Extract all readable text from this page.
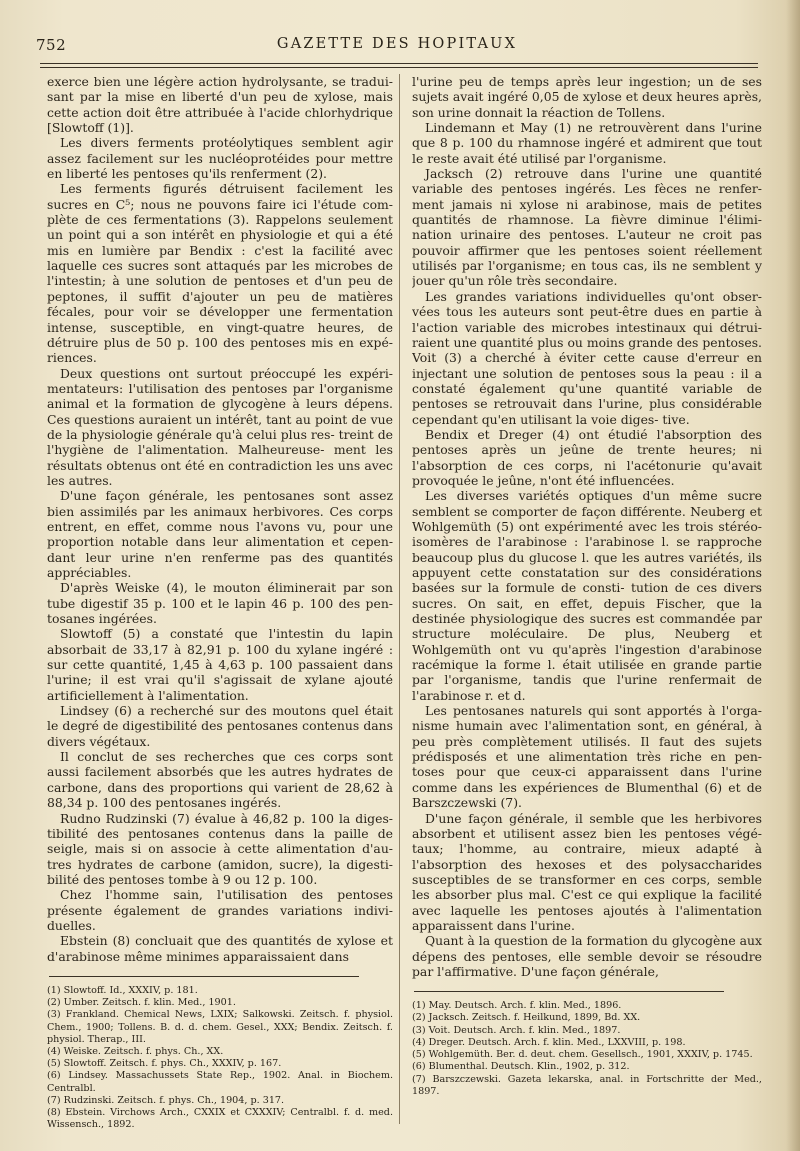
752	GAZETTE DES HOPITAUX

exerce bien une légère action hydrolysante, se tradui- sant par la mise en liberté d'un peu de xylose, mais cette action doit être attribuée à l'acide chlorhydrique [Slowtoff (1)].

Les divers ferments protéolytiques semblent agir assez facilement sur les nucléoprotéides pour mettre en liberté les pentoses qu'ils renferment (2).

Les ferments figurés détruisent facilement les sucres en C⁵; nous ne pouvons faire ici l'étude com- plète de ces fermentations (3). Rappelons seulement un point qui a son intérêt en physiologie et qui a été mis en lumière par Bendix : c'est la facilité avec laquelle ces sucres sont attaqués par les microbes de l'intestin; à une solution de pentoses et d'un peu de peptones, il suffit d'ajouter un peu de matières fécales, pour voir se développer une fermentation intense, susceptible, en vingt-quatre heures, de détruire plus de 50 p. 100 des pentoses mis en expé- riences.

Deux questions ont surtout préoccupé les expéri- mentateurs: l'utilisation des pentoses par l'organisme animal et la formation de glycogène à leurs dépens. Ces questions auraient un intérêt, tant au point de vue de la physiologie générale qu'à celui plus res- treint de l'hygiène de l'alimentation. Malheureuse- ment les résultats obtenus ont été en contradiction les uns avec les autres.

D'une façon générale, les pentosanes sont assez bien assimilés par les animaux herbivores. Ces corps entrent, en effet, comme nous l'avons vu, pour une proportion notable dans leur alimentation et cepen- dant leur urine n'en renferme pas des quantités appréciables.

D'après Weiske (4), le mouton éliminerait par son tube digestif 35 p. 100 et le lapin 46 p. 100 des pen- tosanes ingérées.

Slowtoff (5) a constaté que l'intestin du lapin absorbait de 33,17 à 82,91 p. 100 du xylane ingéré : sur cette quantité, 1,45 à 4,63 p. 100 passaient dans l'urine; il est vrai qu'il s'agissait de xylane ajouté artificiellement à l'alimentation.

Lindsey (6) a recherché sur des moutons quel était le degré de digestibilité des pentosanes contenus dans divers végétaux.

Il conclut de ses recherches que ces corps sont aussi facilement absorbés que les autres hydrates de carbone, dans des proportions qui varient de 28,62 à 88,34 p. 100 des pentosanes ingérés.

Rudno Rudzinski (7) évalue à 46,82 p. 100 la diges- tibilité des pentosanes contenus dans la paille de seigle, mais si on associe à cette alimentation d'au- tres hydrates de carbone (amidon, sucre), la digesti- bilité des pentoses tombe à 9 ou 12 p. 100.

Chez l'homme sain, l'utilisation des pentoses présente également de grandes variations indivi- duelles.

Ebstein (8) concluait que des quantités de xylose et d'arabinose même minimes apparaissaient dans

(1) Slowtoff. Id., XXXIV, p. 181.

(2) Umber. Zeitsch. f. klin. Med., 1901.

(3) Frankland. Chemical News, LXIX; Salkowski. Zeitsch. f. physiol. Chem., 1900; Tollens. B. d. d. chem. Gesel., XXX; Bendix. Zeitsch. f. physiol. Therap., III.

(4) Weiske. Zeitsch. f. phys. Ch., XX.

(5) Slowtoff. Zeitsch. f. phys. Ch., XXXIV, p. 167.

(6) Lindsey. Massachussets State Rep., 1902. Anal. in Biochem. Centralbl.

(7) Rudzinski. Zeitsch. f. phys. Ch., 1904, p. 317.

(8) Ebstein. Virchows Arch., CXXIX et CXXXIV; Centralbl. f. d. med. Wissensch., 1892.

l'urine peu de temps après leur ingestion; un de ses sujets avait ingéré 0,05 de xylose et deux heures après, son urine donnait la réaction de Tollens.

Lindemann et May (1) ne retrouvèrent dans l'urine que 8 p. 100 du rhamnose ingéré et admirent que tout le reste avait été utilisé par l'organisme.

Jacksch (2) retrouve dans l'urine une quantité variable des pentoses ingérés. Les fèces ne renfer- ment jamais ni xylose ni arabinose, mais de petites quantités de rhamnose. La fièvre diminue l'élimi- nation urinaire des pentoses. L'auteur ne croit pas pouvoir affirmer que les pentoses soient réellement utilisés par l'organisme; en tous cas, ils ne semblent y jouer qu'un rôle très secondaire.

Les grandes variations individuelles qu'ont obser- vées tous les auteurs sont peut-être dues en partie à l'action variable des microbes intestinaux qui détrui- raient une quantité plus ou moins grande des pentoses. Voit (3) a cherché à éviter cette cause d'erreur en injectant une solution de pentoses sous la peau : il a constaté également qu'une quantité variable de pentoses se retrouvait dans l'urine, plus considérable cependant qu'en utilisant la voie diges- tive.

Bendix et Dreger (4) ont étudié l'absorption des pentoses après un jeûne de trente heures; ni l'absorption de ces corps, ni l'acétonurie qu'avait provoquée le jeûne, n'ont été influencées.

Les diverses variétés optiques d'un même sucre semblent se comporter de façon différente. Neuberg et Wohlgemüth (5) ont expérimenté avec les trois stéréo-isomères de l'arabinose : l'arabinose l. se rapproche beaucoup plus du glucose l. que les autres variétés, ils appuyent cette constatation sur des considérations basées sur la formule de consti- tution de ces divers sucres. On sait, en effet, depuis Fischer, que la destinée physiologique des sucres est commandée par structure moléculaire. De plus, Neuberg et Wohlgemüth ont vu qu'après l'ingestion d'arabinose racémique la forme l. était utilisée en grande partie par l'organisme, tandis que l'urine renfermait de l'arabinose r. et d.

Les pentosanes naturels qui sont apportés à l'orga- nisme humain avec l'alimentation sont, en général, à peu près complètement utilisés. Il faut des sujets prédisposés et une alimentation très riche en pen- toses pour que ceux-ci apparaissent dans l'urine comme dans les expériences de Blumenthal (6) et de Barszczewski (7).

D'une façon générale, il semble que les herbivores absorbent et utilisent assez bien les pentoses végé- taux; l'homme, au contraire, mieux adapté à l'absorption des hexoses et des polysaccharides susceptibles de se transformer en ces corps, semble les absorber plus mal. C'est ce qui explique la facilité avec laquelle les pentoses ajoutés à l'alimentation apparaissent dans l'urine.

Quant à la question de la formation du glycogène aux dépens des pentoses, elle semble devoir se résoudre par l'affirmative. D'une façon générale,

(1) May. Deutsch. Arch. f. klin. Med., 1896.

(2) Jacksch. Zeitsch. f. Heilkund, 1899, Bd. XX.

(3) Voit. Deutsch. Arch. f. klin. Med., 1897.

(4) Dreger. Deutsch. Arch. f. klin. Med., LXXVIII, p. 198.

(5) Wohlgemüth. Ber. d. deut. chem. Gesellsch., 1901, XXXIV, p. 1745.

(6) Blumenthal. Deutsch. Klin., 1902, p. 312.

(7) Barszczewski. Gazeta lekarska, anal. in Fortschritte der Med., 1897.
